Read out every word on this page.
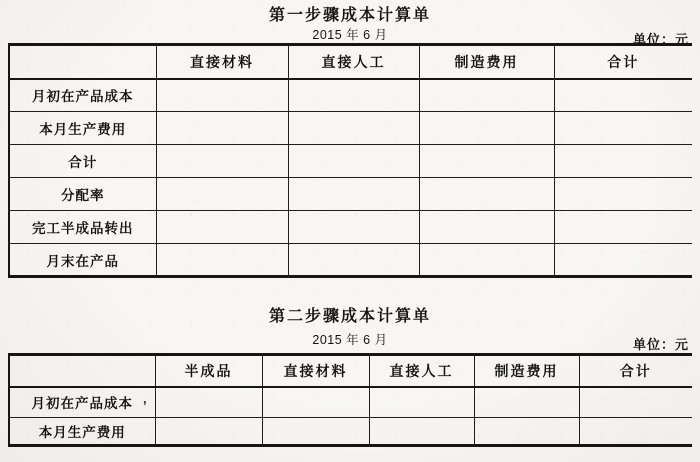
第一步骤成本计算单
2015 年 6 月	单位：元
	直接材料	直接人工	制造费用	合计
月初在产品成本				
本月生产费用				
合计				
分配率				
完工半成品转出				
月末在产品				
第二步骤成本计算单
2015 年 6 月	单位：元
	半成品	直接材料	直接人工	制造费用	合计
月初在产品成本					
本月生产费用					
,
